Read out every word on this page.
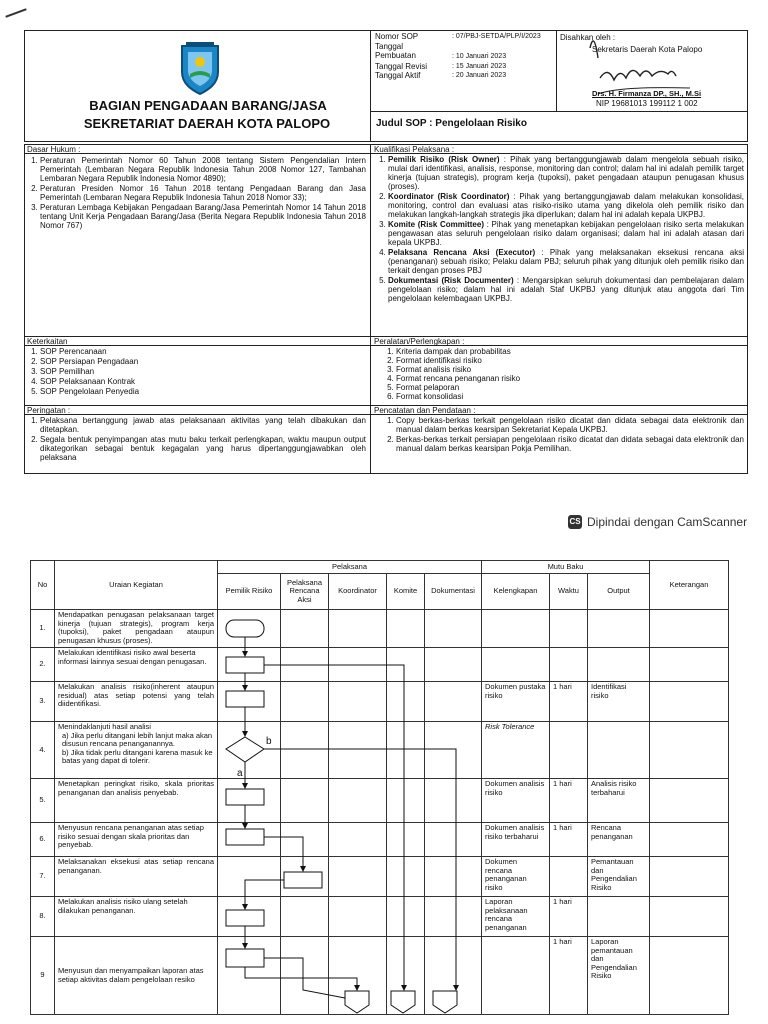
BAGIAN PENGADAAN BARANG/JASA
SEKRETARIAT DAERAH KOTA PALOPO
Nomor SOP	: 07/PBJ-SETDA/PLP/I/2023
Tanggal Pembuatan	: 10 Januari 2023
Tanggal Revisi	: 15 Januari 2023
Tanggal Aktif	: 20 Januari 2023
Judul SOP : Pengelolaan Risiko
Disahkan oleh :
Sekretaris Daerah Kota Palopo
Drs. H. Firmanza DP., SH., M.Si
NIP 19681013 199112 1 002
Dasar Hukum :
1. Peraturan Pemerintah Nomor 60 Tahun 2008 tentang Sistem Pengendalian Intern Pemerintah (Lembaran Negara Republik Indonesia Tahun 2008 Nomor 127, Tambahan Lembaran Negara Republik Indonesia Nomor 4890);
2. Peraturan Presiden Nomor 16 Tahun 2018 tentang Pengadaan Barang dan Jasa Pemerintah (Lembaran Negara Republik Indonesia Tahun 2018 Nomor 33);
3. Peraturan Lembaga Kebijakan Pengadaan Barang/Jasa Pemerintah Nomor 14 Tahun 2018 tentang Unit Kerja Pengadaan Barang/Jasa (Berita Negara Republik Indonesia Tahun 2018 Nomor 767)
Kualifikasi Pelaksana :
1. Pemilik Risiko (Risk Owner) : Pihak yang bertanggungjawab dalam mengelola sebuah risiko, mulai dari identifikasi, analisis, response, monitoring dan control; dalam hal ini adalah pemilik target kinerja (tujuan strategis), program kerja (tupoksi), paket pengadaan ataupun penugasan khusus (proses).
2. Koordinator (Risk Coordinator) : Pihak yang bertanggungjawab dalam melakukan konsolidasi, monitoring, control dan evaluasi atas risiko-risiko utama yang dikelola oleh pemilik risiko dan melakukan langkah-langkah strategis jika diperlukan; dalam hal ini adalah kepala UKPBJ.
3. Komite (Risk Committee) : Pihak yang menetapkan kebijakan pengelolaan risiko serta melakukan pengawasan atas seluruh pengelolaan risiko dalam organisasi; dalam hal ini adalah atasan dari kepala UKPBJ.
4. Pelaksana Rencana Aksi (Executor) : Pihak yang melaksanakan eksekusi rencana aksi (penanganan) sebuah risiko; Pelaku dalam PBJ; seluruh pihak yang ditunjuk oleh pemilik risiko dan terkait dengan proses PBJ
5. Dokumentasi (Risk Documenter) : Mengarsipkan seluruh dokumentasi dan pembelajaran dalam pengelolaan risiko; dalam hal ini adalah Staf UKPBJ yang ditunjuk atau anggota dari Tim pengelolaan kelembagaan UKPBJ.
Keterkaitan
1. SOP Perencanaan
2. SOP Persiapan Pengadaan
3. SOP Pemilihan
4. SOP Pelaksanaan Kontrak
5. SOP Pengelolaan Penyedia
Peralatan/Perlengkapan :
1. Kriteria dampak dan probabilitas
2. Format identifikasi risiko
3. Format analisis risiko
4. Format rencana penanganan risiko
5. Format pelaporan
6. Format konsolidasi
Peringatan :
1. Pelaksana bertanggung jawab atas pelaksanaan aktivitas yang telah dibakukan dan ditetapkan.
2. Segala bentuk penyimpangan atas mutu baku terkait perlengkapan, waktu maupun output dikategorikan sebagai bentuk kegagalan yang harus dipertanggungjawabkan oleh pelaksana
Pencatatan dan Pendataan :
1. Copy berkas-berkas terkait pengelolaan risiko dicatat dan didata sebagai data elektronik dan manual dalam berkas kearsipan Sekretariat Kepala UKPBJ.
2. Berkas-berkas terkait persiapan pengelolaan risiko dicatat dan didata sebagai data elektronik dan manual dalam berkas kearsipan Pokja Pemilihan.
CS Dipindai dengan CamScanner
No	Uraian Kegiatan	Pelaksana					Mutu Baku			Keterangan
		Pemilik Risiko	Pelaksana Rencana Aksi	Koordinator	Komite	Dokumentasi	Kelengkapan	Waktu	Output	
1.	Mendapatkan penugasan pelaksanaan target kinerja (tujuan strategis), program kerja (tupoksi), paket pengadaan ataupun penugasan khusus (proses).									
2.	Melakukan identifikasi risiko awal beserta informasi lainnya sesuai dengan penugasan.									
3.	Melakukan analisis risiko(inherent ataupun residual) atas setiap potensi yang telah diidentifikasi.						Dokumen pustaka risiko	1 hari	Identifikasi risiko	
4.	Menindaklanjuti hasil analisi
a) Jika perlu ditangani lebih lanjut maka akan disusun rencana penanganannya.
b) Jika tidak perlu ditangani karena masuk ke batas yang dapat di tolerir.						Risk Tolerance			
5.	Menetapkan peringkat risiko, skala prioritas penanganan dan analisis penyebab.						Dokumen analisis risiko	1 hari	Analisis risiko terbaharui	
6.	Menyusun rencana penanganan atas setiap risiko sesuai dengan skala prioritas dan penyebab.						Dokumen analisis risiko terbaharui	1 hari	Rencana penanganan	
7.	Melaksanakan eksekusi atas setiap rencana penanganan.						Dokumen rencana penanganan risiko		Pemantauan dan Pengendalian Risiko	
8.	Melakukan analisis risiko ulang setelah dilakukan penanganan.						Laporan pelaksanaan rencana penanganan	1 hari		
9	Menyusun dan menyampaikan laporan atas setiap aktivitas dalam pengelolaan resiko							1 hari	Laporan pemantauan dan Pengendalian Risiko	
b
a
